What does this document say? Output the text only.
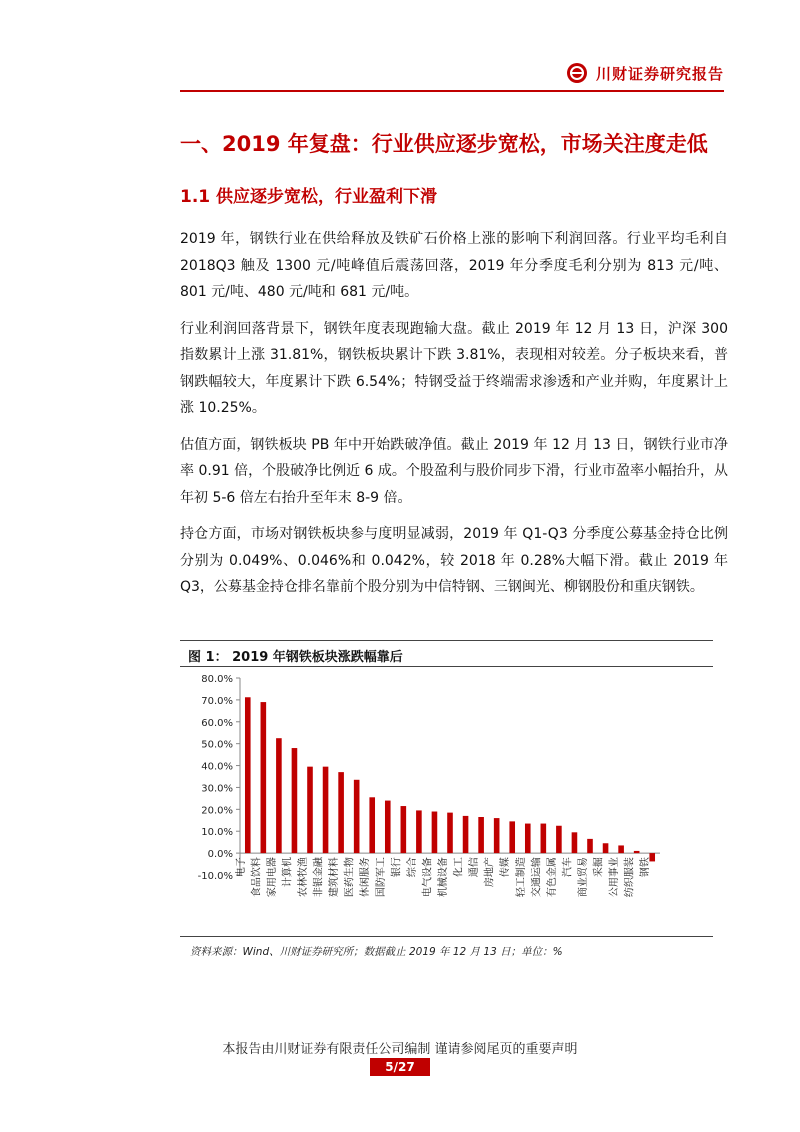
川财证券研究报告
一、2019 年复盘：行业供应逐步宽松，市场关注度走低
1.1 供应逐步宽松，行业盈利下滑

2019 年，钢铁行业在供给释放及铁矿石价格上涨的影响下利润回落。行业平均毛利自 2018Q3 触及 1300 元/吨峰值后震荡回落，2019 年分季度毛利分别为 813 元/吨、801 元/吨、480 元/吨和 681 元/吨。

行业利润回落背景下，钢铁年度表现跑输大盘。截止 2019 年 12 月 13 日，沪深 300 指数累计上涨 31.81%，钢铁板块累计下跌 3.81%，表现相对较差。分子板块来看，普钢跌幅较大，年度累计下跌 6.54%；特钢受益于终端需求渗透和产业并购，年度累计上涨 10.25%。

估值方面，钢铁板块 PB 年中开始跌破净值。截止 2019 年 12 月 13 日，钢铁行业市净率 0.91 倍，个股破净比例近 6 成。个股盈利与股价同步下滑，行业市盈率小幅抬升，从年初 5-6 倍左右抬升至年末 8-9 倍。

持仓方面，市场对钢铁板块参与度明显减弱，2019 年 Q1-Q3 分季度公募基金持仓比例分别为 0.049%、0.046%和 0.042%，较 2018 年 0.28%大幅下滑。截止 2019 年 Q3，公募基金持仓排名靠前个股分别为中信特钢、三钢闽光、柳钢股份和重庆钢铁。

图 1： 2019 年钢铁板块涨跌幅靠后
-10.0%
0.0%
10.0%
20.0%
30.0%
40.0%
50.0%
60.0%
70.0%
80.0%
电子 食品饮料 家用电器 计算机 农林牧渔 非银金融 建筑材料 医药生物 休闲服务 国防军工 银行 综合 电气设备 机械设备 化工 通信 房地产 传媒 轻工制造 交通运输 有色金属 汽车 商业贸易 采掘 公用事业 纺织服装 钢铁
资料来源：Wind、川财证券研究所；数据截止 2019 年 12 月 13 日；单位：%
本报告由川财证券有限责任公司编制 谨请参阅尾页的重要声明
5/27
